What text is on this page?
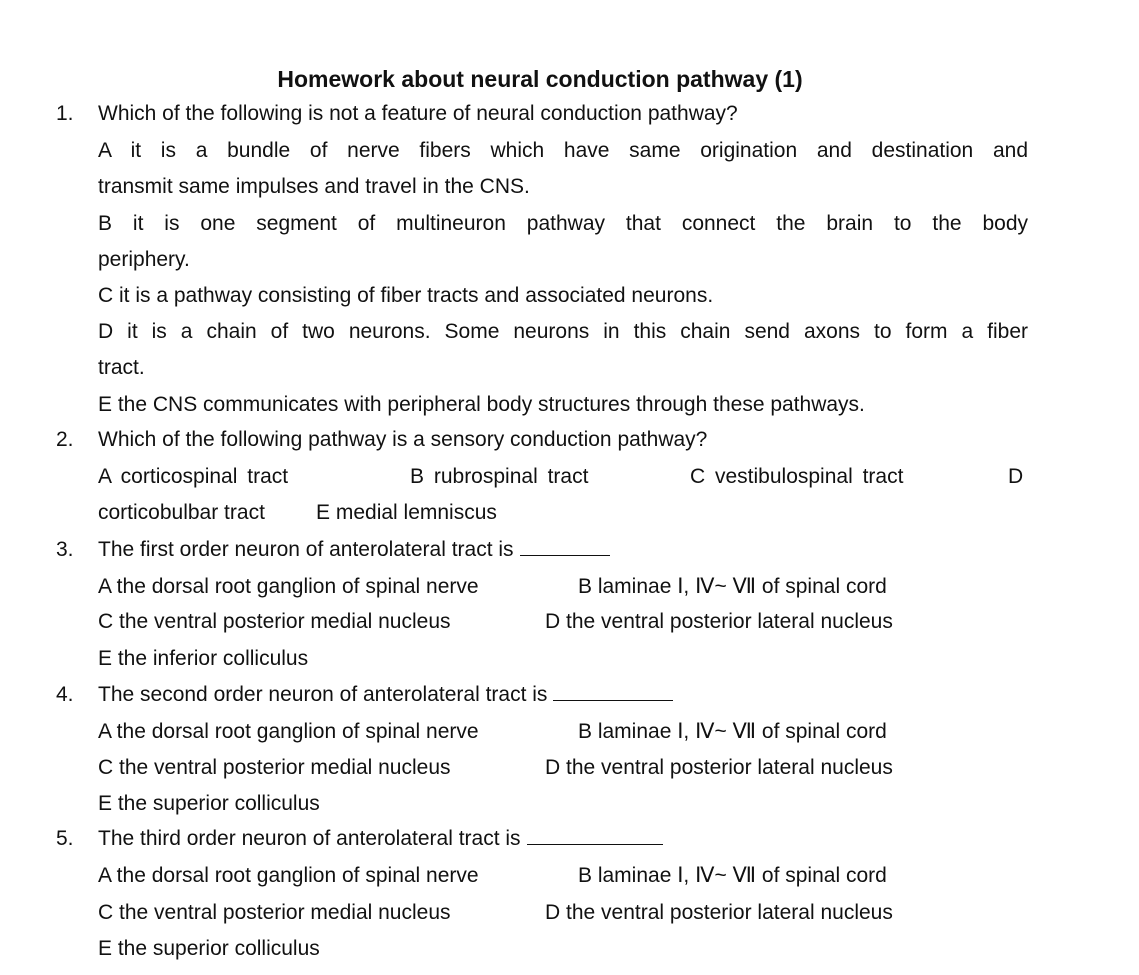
Homework about neural conduction pathway (1)
1. Which of the following is not a feature of neural conduction pathway?
A it is a bundle of nerve fibers which have same origination and destination and
transmit same impulses and travel in the CNS.
B it is one segment of multineuron pathway that connect the brain to the body
periphery.
C it is a pathway consisting of fiber tracts and associated neurons.
D it is a chain of two neurons. Some neurons in this chain send axons to form a fiber
tract.
E the CNS communicates with peripheral body structures through these pathways.
2. Which of the following pathway is a sensory conduction pathway?
A corticospinal tract	B rubrospinal tract	C vestibulospinal tract	D
corticobulbar tract E medial lemniscus
3. The first order neuron of anterolateral tract is
A the dorsal root ganglion of spinal nerve	B laminae Ⅰ, Ⅳ~ Ⅶ of spinal cord
C the ventral posterior medial nucleus	D the ventral posterior lateral nucleus
E the inferior colliculus
4. The second order neuron of anterolateral tract is
A the dorsal root ganglion of spinal nerve	B laminae Ⅰ, Ⅳ~ Ⅶ of spinal cord
C the ventral posterior medial nucleus	D the ventral posterior lateral nucleus
E the superior colliculus
5. The third order neuron of anterolateral tract is
A the dorsal root ganglion of spinal nerve	B laminae Ⅰ, Ⅳ~ Ⅶ of spinal cord
C the ventral posterior medial nucleus	D the ventral posterior lateral nucleus
E the superior colliculus
